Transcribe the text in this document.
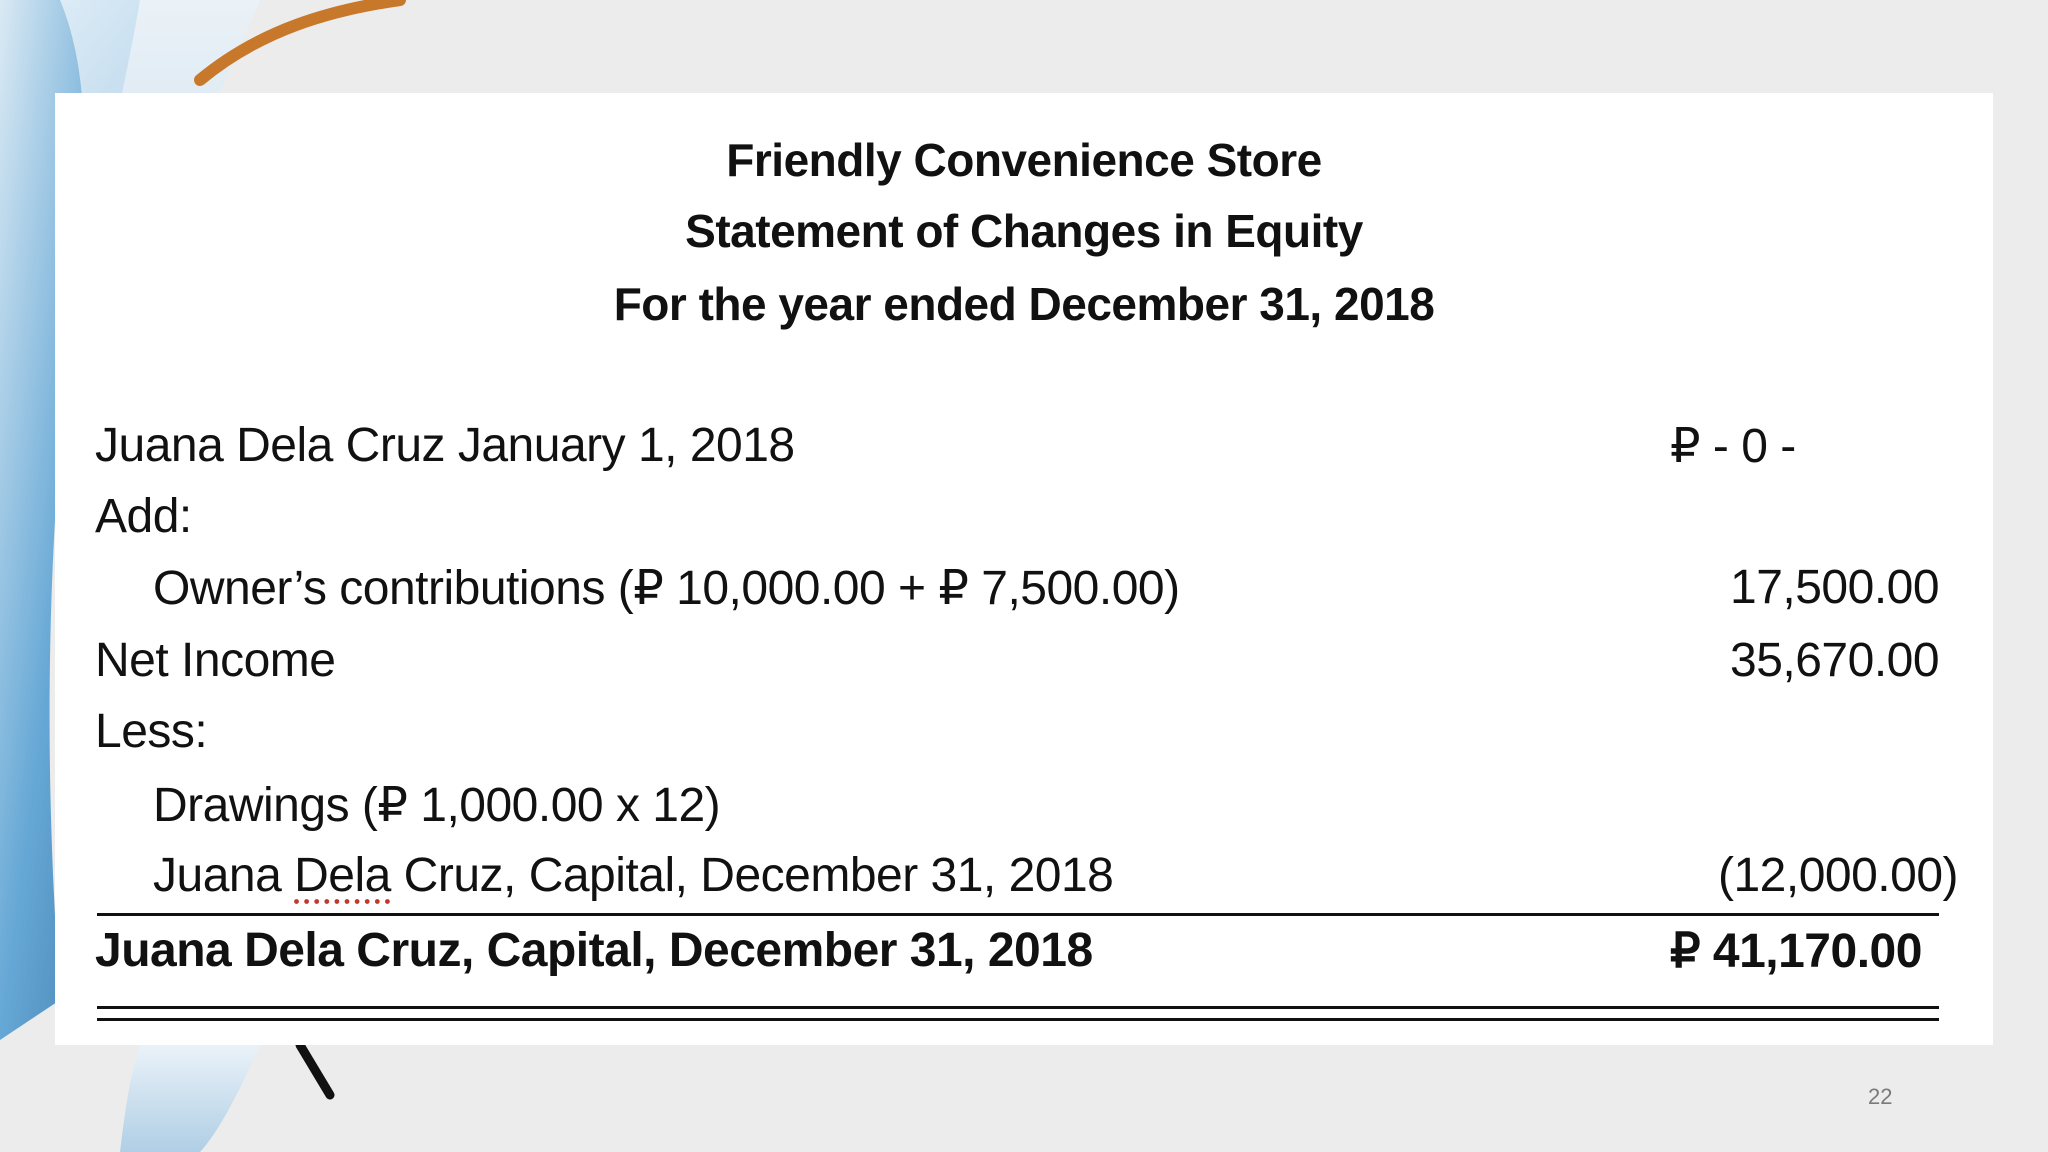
Friendly Convenience Store
Statement of Changes in Equity
For the year ended December 31, 2018
Juana Dela Cruz January 1, 2018	₽ - 0 -
Add:
Owner’s contributions (₽ 10,000.00 + ₽ 7,500.00)	17,500.00
Net Income	35,670.00
Less:
Drawings (₽ 1,000.00 x 12)
Juana Dela Cruz, Capital, December 31, 2018	(12,000.00)
Juana Dela Cruz, Capital, December 31, 2018	₽ 41,170.00
22
